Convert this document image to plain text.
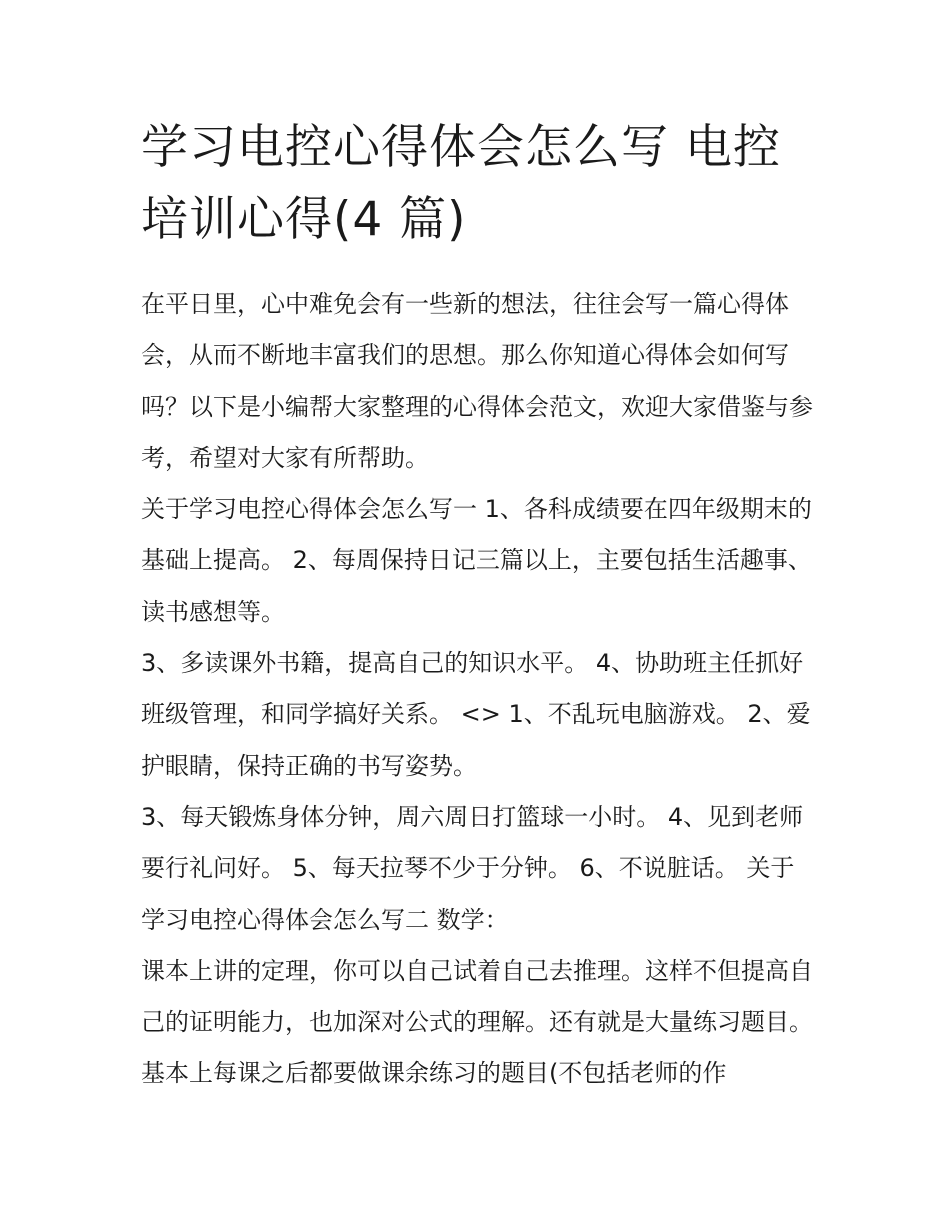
学习电控心得体会怎么写 电控培训心得(4 篇)

在平日里，心中难免会有一些新的想法，往往会写一篇心得体会，从而不断地丰富我们的思想。那么你知道心得体会如何写吗？以下是小编帮大家整理的心得体会范文，欢迎大家借鉴与参考，希望对大家有所帮助。

关于学习电控心得体会怎么写一 1、各科成绩要在四年级期末的基础上提高。 2、每周保持日记三篇以上，主要包括生活趣事、读书感想等。

3、多读课外书籍，提高自己的知识水平。 4、协助班主任抓好班级管理，和同学搞好关系。 <> 1、不乱玩电脑游戏。 2、爱护眼睛，保持正确的书写姿势。

3、每天锻炼身体分钟，周六周日打篮球一小时。 4、见到老师要行礼问好。 5、每天拉琴不少于分钟。 6、不说脏话。 关于学习电控心得体会怎么写二 数学：

课本上讲的定理，你可以自己试着自己去推理。这样不但提高自己的证明能力，也加深对公式的理解。还有就是大量练习题目。基本上每课之后都要做课余练习的题目(不包括老师的作
